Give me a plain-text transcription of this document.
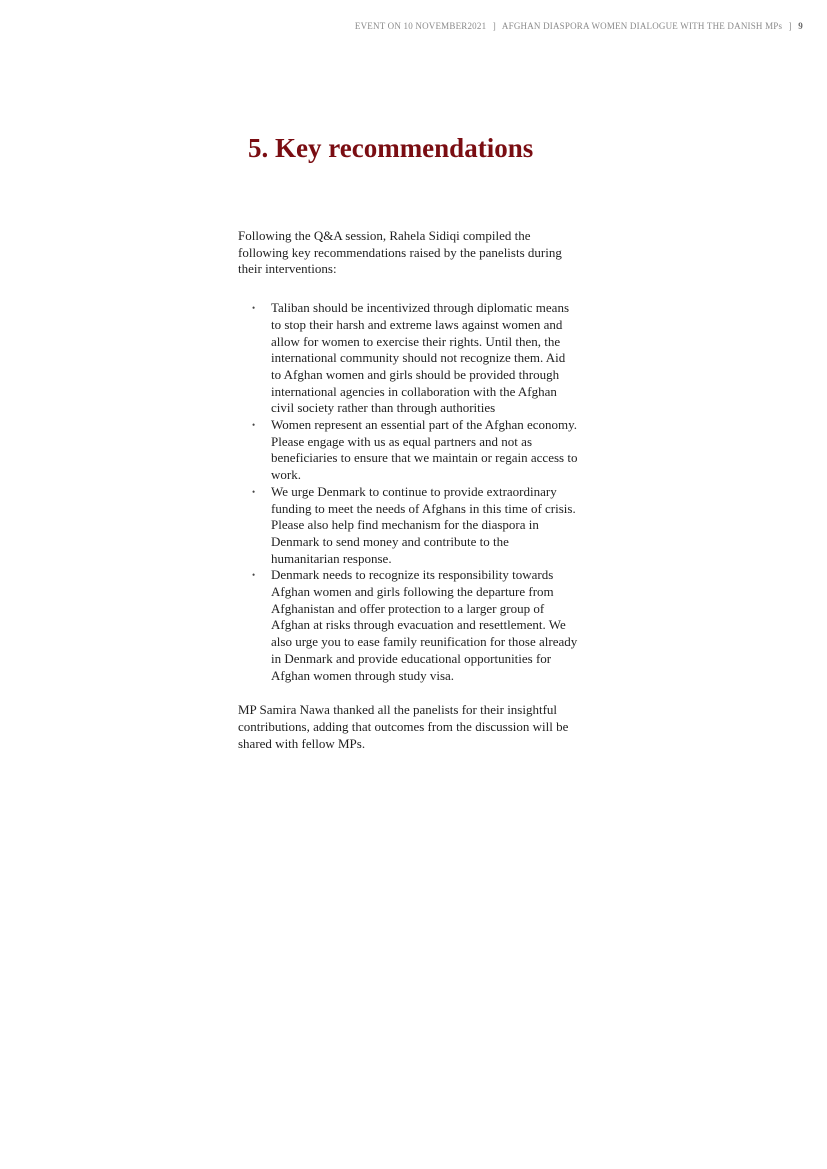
EVENT ON 10 NOVEMBER2021 ] AFGHAN DIASPORA WOMEN DIALOGUE WITH THE DANISH MPs ] 9
5. Key recommendations

Following the Q&A session, Rahela Sidiqi compiled the following key recommendations raised by the panelists during their interventions:

• Taliban should be incentivized through diplomatic means to stop their harsh and extreme laws against women and allow for women to exercise their rights. Until then, the international community should not recognize them. Aid to Afghan women and girls should be provided through international agencies in collaboration with the Afghan civil society rather than through authorities
• Women represent an essential part of the Afghan economy. Please engage with us as equal partners and not as beneficiaries to ensure that we maintain or regain access to work.
• We urge Denmark to continue to provide extraordinary funding to meet the needs of Afghans in this time of crisis. Please also help find mechanism for the diaspora in Denmark to send money and contribute to the humanitarian response.
• Denmark needs to recognize its responsibility towards Afghan women and girls following the departure from Afghanistan and offer protection to a larger group of Afghan at risks through evacuation and resettlement. We also urge you to ease family reunification for those already in Denmark and provide educational opportunities for Afghan women through study visa.

MP Samira Nawa thanked all the panelists for their insightful contributions, adding that outcomes from the discussion will be shared with fellow MPs.
